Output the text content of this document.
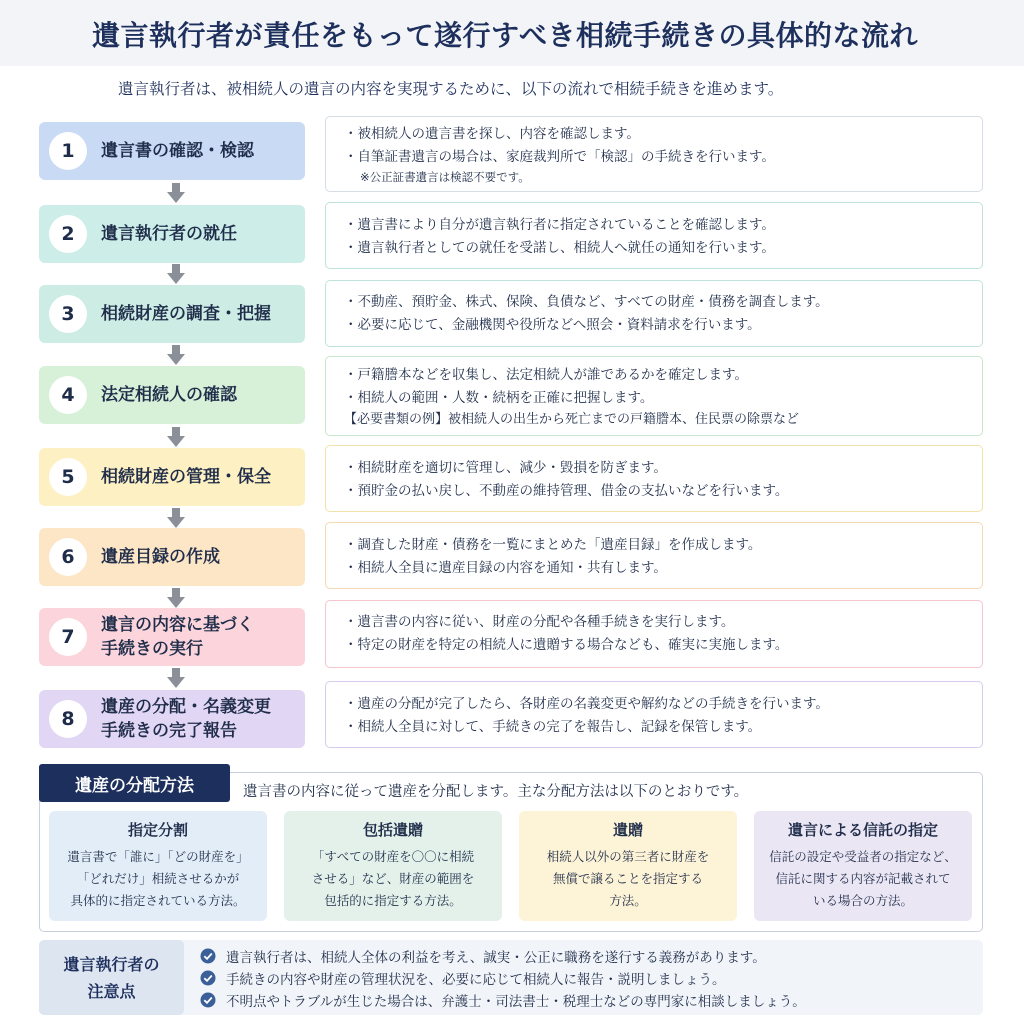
遺言執行者が責任をもって遂行すべき相続手続きの具体的な流れ
遺言執行者は、被相続人の遺言の内容を実現するために、以下の流れで相続手続きを進めます。
1	遺言書の確認・検認
・被相続人の遺言書を探し、内容を確認します。
・自筆証書遺言の場合は、家庭裁判所で「検認」の手続きを行います。
※公正証書遺言は検認不要です。
2	遺言執行者の就任	・遺言書により自分が遺言執行者に指定されていることを確認します。
・遺言執行者としての就任を受諾し、相続人へ就任の通知を行います。
3	相続財産の調査・把握
・不動産、預貯金、株式、保険、負債など、すべての財産・債務を調査します。
・必要に応じて、金融機関や役所などへ照会・資料請求を行います。
4	法定相続人の確認
・戸籍謄本などを収集し、法定相続人が誰であるかを確定します。
・相続人の範囲・人数・続柄を正確に把握します。
【必要書類の例】被相続人の出生から死亡までの戸籍謄本、住民票の除票など
5	相続財産の管理・保全	・相続財産を適切に管理し、減少・毀損を防ぎます。
・預貯金の払い戻し、不動産の維持管理、借金の支払いなどを行います。
6	遺産目録の作成
・調査した財産・債務を一覧にまとめた「遺産目録」を作成します。
・相続人全員に遺産目録の内容を通知・共有します。
7
遺言の内容に基づく
手続きの実行
・遺言書の内容に従い、財産の分配や各種手続きを実行します。
・特定の財産を特定の相続人に遺贈する場合なども、確実に実施します。
8
遺産の分配・名義変更
手続きの完了報告
・遺産の分配が完了したら、各財産の名義変更や解約などの手続きを行います。
・相続人全員に対して、手続きの完了を報告し、記録を保管します。
遺産の分配方法	遺言書の内容に従って遺産を分配します。主な分配方法は以下のとおりです。
指定分割
遺言書で「誰に」「どの財産を」
「どれだけ」相続させるかが
具体的に指定されている方法。
包括遺贈
「すべての財産を〇〇に相続
させる」など、財産の範囲を
包括的に指定する方法。
遺贈
相続人以外の第三者に財産を
無償で譲ることを指定する
方法。
遺言による信託の指定
信託の設定や受益者の指定など、
信託に関する内容が記載されて
いる場合の方法。
遺言執行者の
注意点
遺言執行者は、相続人全体の利益を考え、誠実・公正に職務を遂行する義務があります。
手続きの内容や財産の管理状況を、必要に応じて相続人に報告・説明しましょう。
不明点やトラブルが生じた場合は、弁護士・司法書士・税理士などの専門家に相談しましょう。
